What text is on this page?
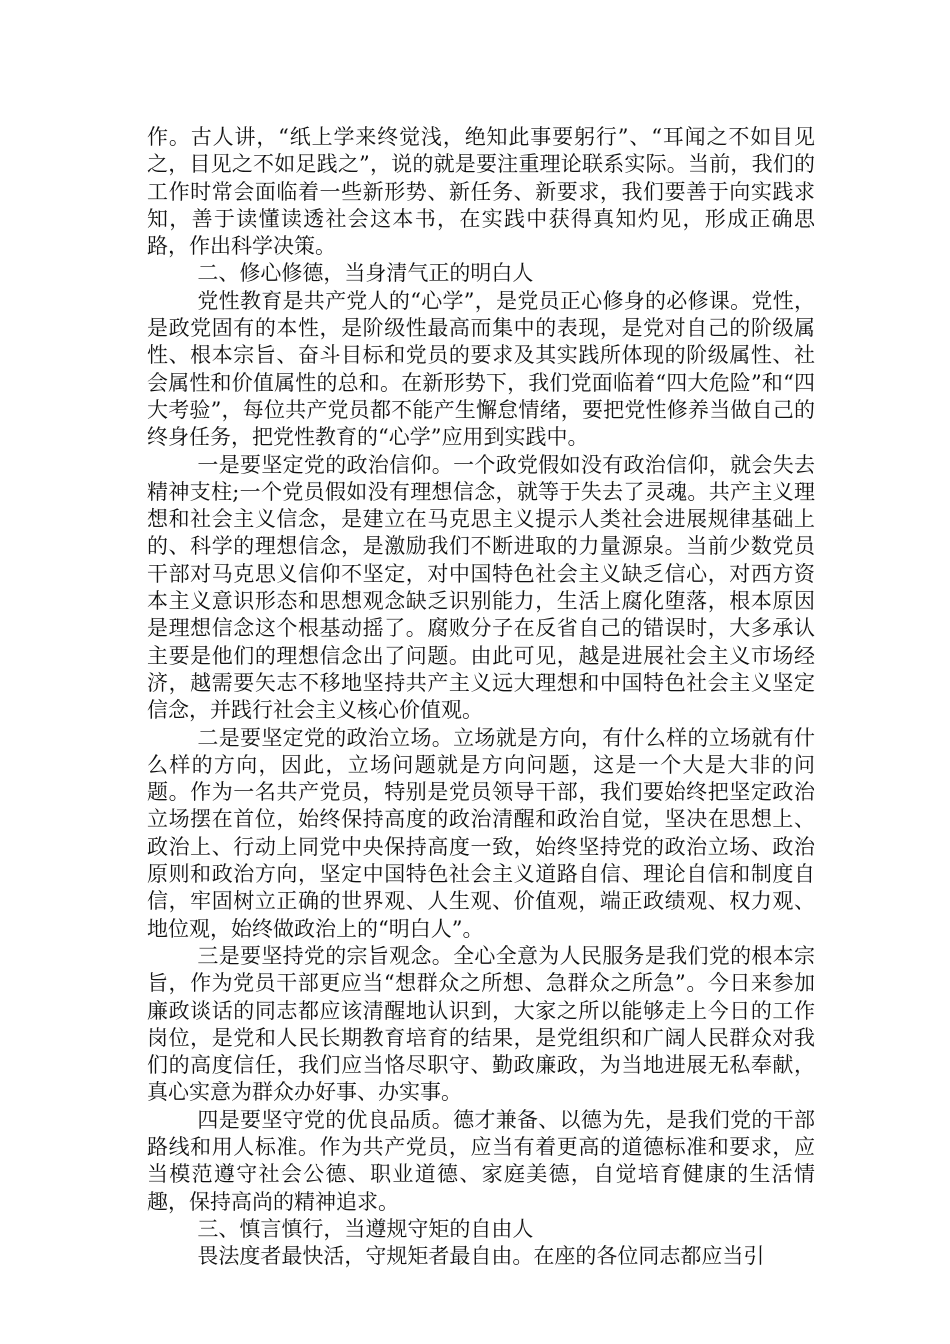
作。古人讲，“纸上学来终觉浅，绝知此事要躬行”、“耳闻之不如目见之，目见之不如足践之”，说的就是要注重理论联系实际。当前，我们的工作时常会面临着一些新形势、新任务、新要求，我们要善于向实践求知，善于读懂读透社会这本书，在实践中获得真知灼见，形成正确思路，作出科学决策。

二、修心修德，当身清气正的明白人

党性教育是共产党人的“心学”，是党员正心修身的必修课。党性，是政党固有的本性，是阶级性最高而集中的表现，是党对自己的阶级属性、根本宗旨、奋斗目标和党员的要求及其实践所体现的阶级属性、社会属性和价值属性的总和。在新形势下，我们党面临着“四大危险”和“四大考验”，每位共产党员都不能产生懈怠情绪，要把党性修养当做自己的终身任务，把党性教育的“心学”应用到实践中。

一是要坚定党的政治信仰。一个政党假如没有政治信仰，就会失去精神支柱;一个党员假如没有理想信念，就等于失去了灵魂。共产主义理想和社会主义信念，是建立在马克思主义提示人类社会进展规律基础上的、科学的理想信念，是激励我们不断进取的力量源泉。当前少数党员干部对马克思义信仰不坚定，对中国特色社会主义缺乏信心，对西方资本主义意识形态和思想观念缺乏识别能力，生活上腐化堕落，根本原因是理想信念这个根基动摇了。腐败分子在反省自己的错误时，大多承认主要是他们的理想信念出了问题。由此可见，越是进展社会主义市场经济，越需要矢志不移地坚持共产主义远大理想和中国特色社会主义坚定信念，并践行社会主义核心价值观。

二是要坚定党的政治立场。立场就是方向，有什么样的立场就有什么样的方向，因此，立场问题就是方向问题，这是一个大是大非的问题。作为一名共产党员，特别是党员领导干部，我们要始终把坚定政治立场摆在首位，始终保持高度的政治清醒和政治自觉，坚决在思想上、政治上、行动上同党中央保持高度一致，始终坚持党的政治立场、政治原则和政治方向，坚定中国特色社会主义道路自信、理论自信和制度自信，牢固树立正确的世界观、人生观、价值观，端正政绩观、权力观、地位观，始终做政治上的“明白人”。

三是要坚持党的宗旨观念。全心全意为人民服务是我们党的根本宗旨，作为党员干部更应当“想群众之所想、急群众之所急”。今日来参加廉政谈话的同志都应该清醒地认识到，大家之所以能够走上今日的工作岗位，是党和人民长期教育培育的结果，是党组织和广阔人民群众对我们的高度信任，我们应当恪尽职守、勤政廉政，为当地进展无私奉献，真心实意为群众办好事、办实事。

四是要坚守党的优良品质。德才兼备、以德为先，是我们党的干部路线和用人标准。作为共产党员，应当有着更高的道德标准和要求，应当模范遵守社会公德、职业道德、家庭美德，自觉培育健康的生活情趣，保持高尚的精神追求。

三、慎言慎行，当遵规守矩的自由人

畏法度者最快活，守规矩者最自由。在座的各位同志都应当引
